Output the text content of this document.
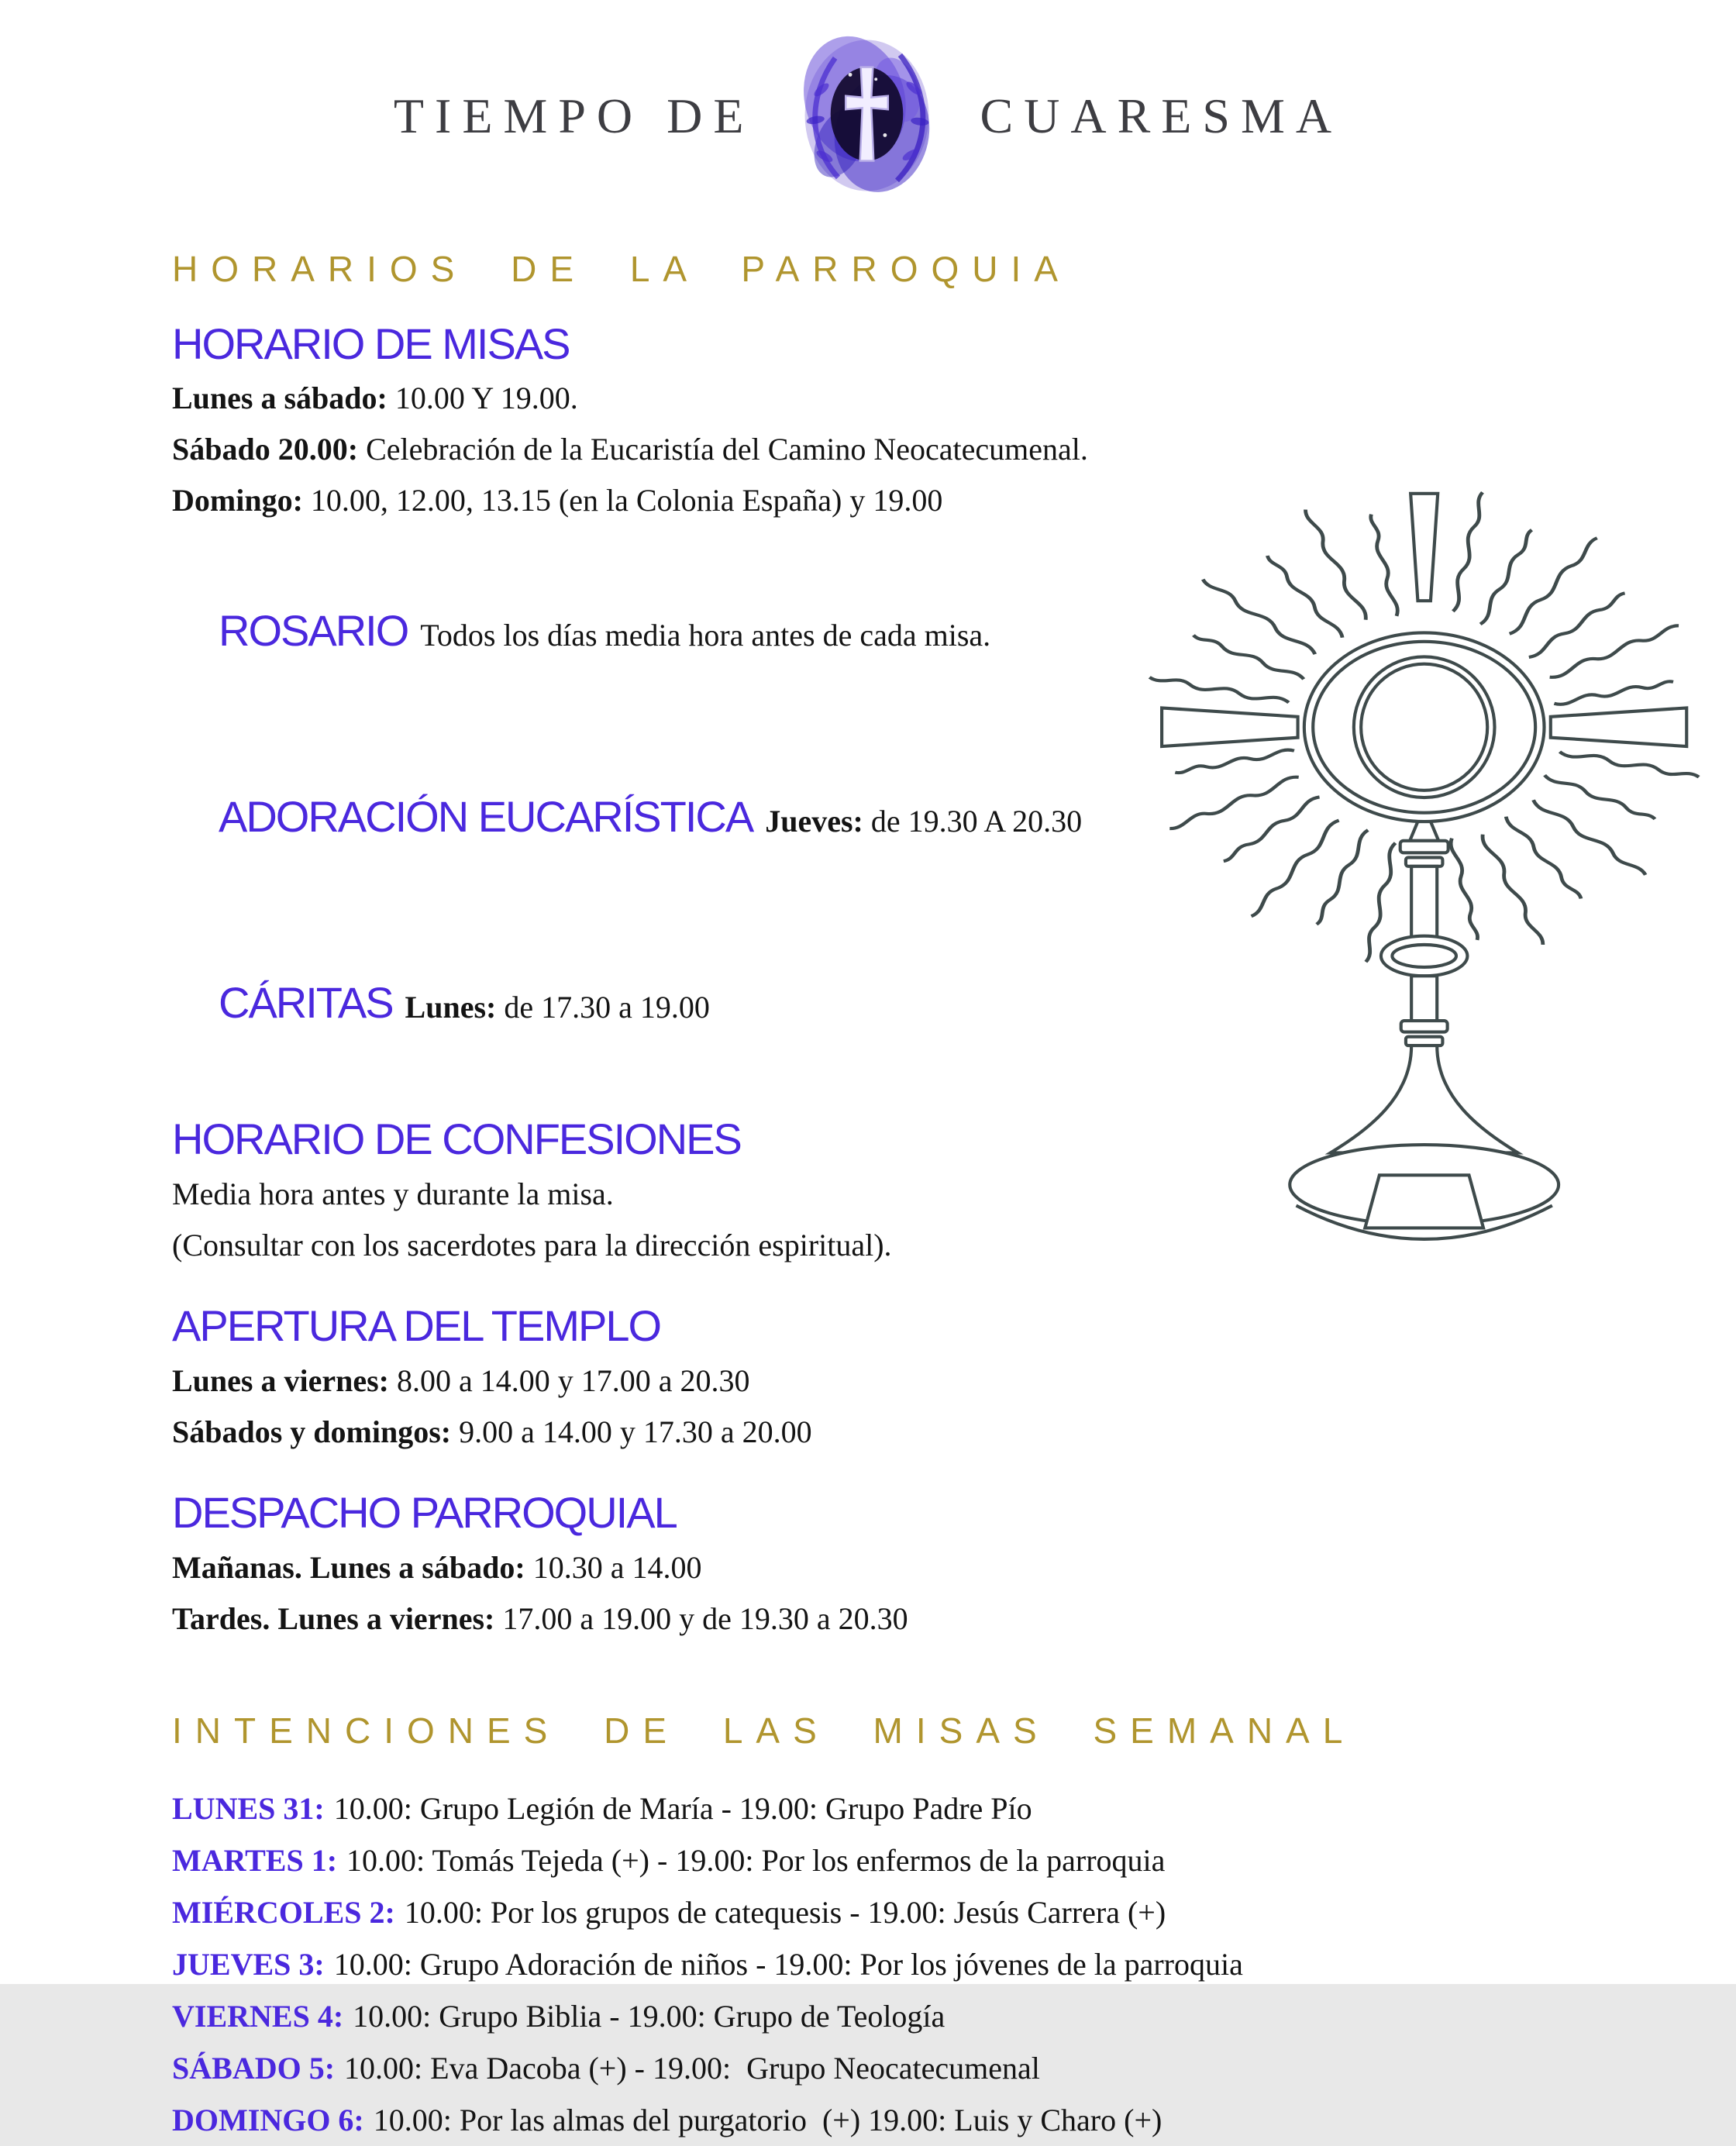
TIEMPO DE	CUARESMA
HORARIOS DE LA PARROQUIA
HORARIO DE MISAS
Lunes a sábado: 10.00 Y 19.00.
Sábado 20.00: Celebración de la Eucaristía del Camino Neocatecumenal.
Domingo: 10.00, 12.00, 13.15 (en la Colonia España) y 19.00

ROSARIO Todos los días media hora antes de cada misa.

ADORACIÓN EUCARÍSTICA Jueves: de 19.30 A 20.30

CÁRITAS Lunes: de 17.30 a 19.00

HORARIO DE CONFESIONES
Media hora antes y durante la misa.
(Consultar con los sacerdotes para la dirección espiritual).
APERTURA DEL TEMPLO
Lunes a viernes: 8.00 a 14.00 y 17.00 a 20.30
Sábados y domingos: 9.00 a 14.00 y 17.30 a 20.00
DESPACHO PARROQUIAL
Mañanas. Lunes a sábado: 10.30 a 14.00
Tardes. Lunes a viernes: 17.00 a 19.00 y de 19.30 a 20.30
INTENCIONES DE LAS MISAS SEMANAL
LUNES 31: 10.00: Grupo Legión de María - 19.00: Grupo Padre Pío
MARTES 1: 10.00: Tomás Tejeda (+) - 19.00: Por los enfermos de la parroquia
MIÉRCOLES 2: 10.00: Por los grupos de catequesis - 19.00: Jesús Carrera (+)
JUEVES 3: 10.00: Grupo Adoración de niños - 19.00: Por los jóvenes de la parroquia
VIERNES 4: 10.00: Grupo Biblia - 19.00: Grupo de Teología
SÁBADO 5: 10.00: Eva Dacoba (+) - 19.00:  Grupo Neocatecumenal
DOMINGO 6: 10.00: Por las almas del purgatorio  (+) 19.00: Luis y Charo (+)
